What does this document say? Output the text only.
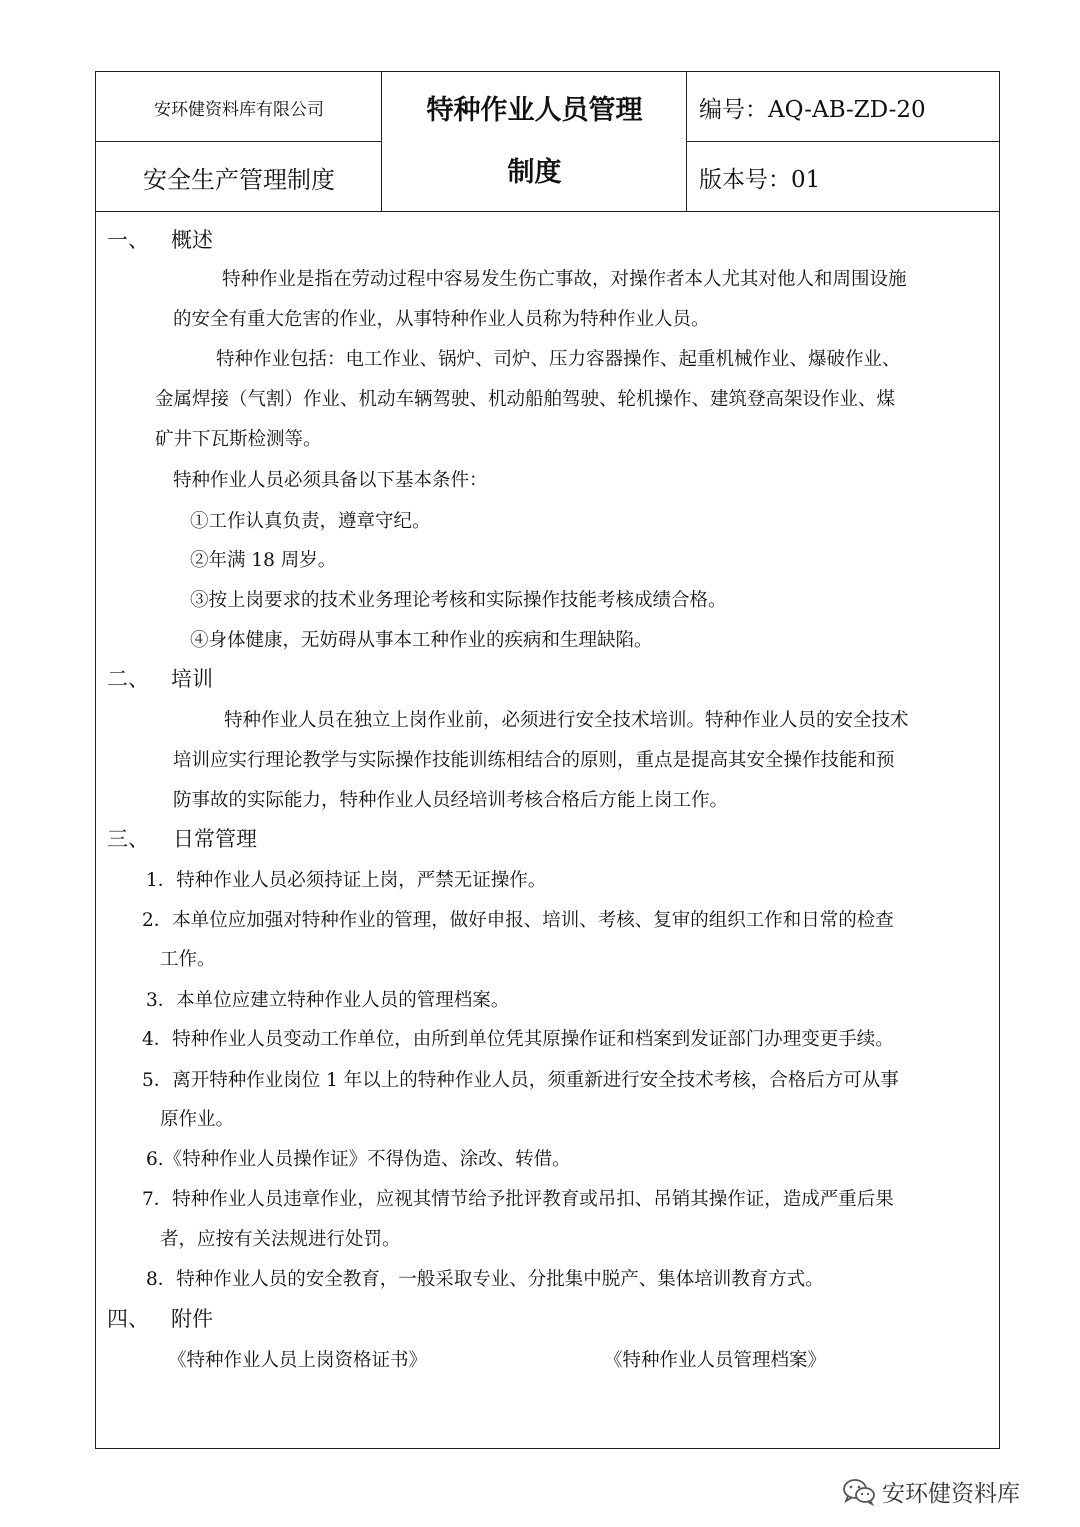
安环健资料库有限公司
安全生产管理制度
特种作业人员管理
制度
编号：AQ-AB-ZD-20
版本号：01
一、 概述
特种作业是指在劳动过程中容易发生伤亡事故，对操作者本人尤其对他人和周围设施
的安全有重大危害的作业，从事特种作业人员称为特种作业人员。
特种作业包括：电工作业、锅炉、司炉、压力容器操作、起重机械作业、爆破作业、
金属焊接（气割）作业、机动车辆驾驶、机动船舶驾驶、轮机操作、建筑登高架设作业、煤
矿井下瓦斯检测等。
特种作业人员必须具备以下基本条件：
①工作认真负责，遵章守纪。
②年满 18 周岁。
③按上岗要求的技术业务理论考核和实际操作技能考核成绩合格。
④身体健康，无妨碍从事本工种作业的疾病和生理缺陷。
二、 培训
特种作业人员在独立上岗作业前，必须进行安全技术培训。特种作业人员的安全技术
培训应实行理论教学与实际操作技能训练相结合的原则，重点是提高其安全操作技能和预
防事故的实际能力，特种作业人员经培训考核合格后方能上岗工作。
三、 日常管理
1．特种作业人员必须持证上岗，严禁无证操作。
2．本单位应加强对特种作业的管理，做好申报、培训、考核、复审的组织工作和日常的检查
工作。
3．本单位应建立特种作业人员的管理档案。
4．特种作业人员变动工作单位，由所到单位凭其原操作证和档案到发证部门办理变更手续。
5．离开特种作业岗位 1 年以上的特种作业人员，须重新进行安全技术考核，合格后方可从事
原作业。
6.《特种作业人员操作证》不得伪造、涂改、转借。
7．特种作业人员违章作业，应视其情节给予批评教育或吊扣、吊销其操作证，造成严重后果
者，应按有关法规进行处罚。
8．特种作业人员的安全教育，一般采取专业、分批集中脱产、集体培训教育方式。
四、 附件
《特种作业人员上岗资格证书》	《特种作业人员管理档案》
安环健资料库
